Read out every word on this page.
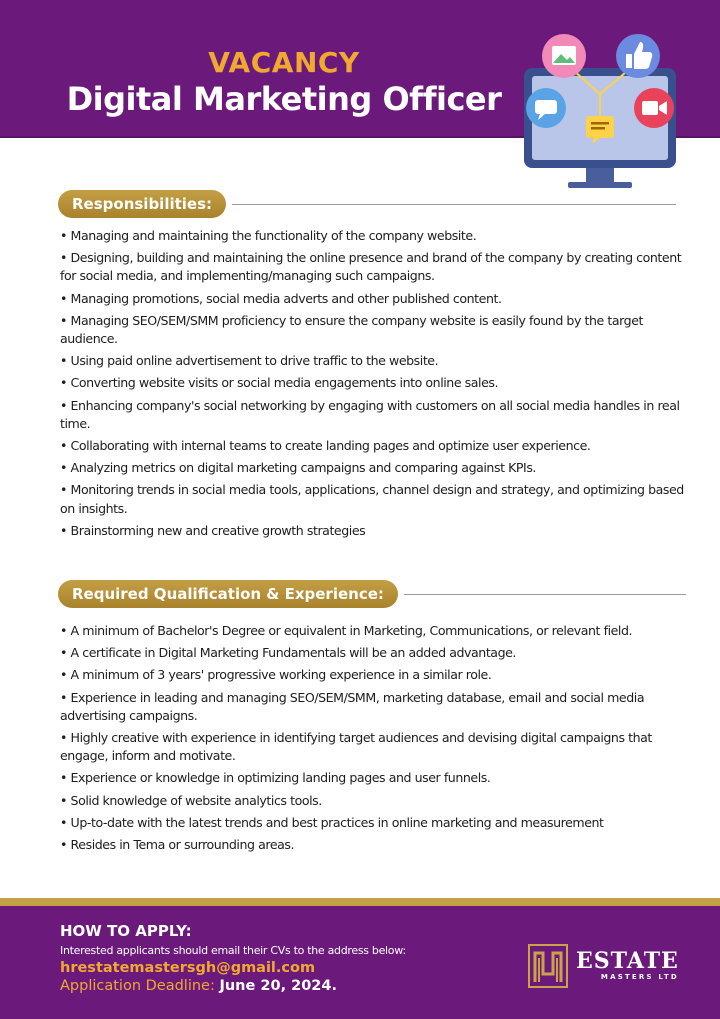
VACANCY
Digital Marketing Officer
Responsibilities:
• Managing and maintaining the functionality of the company website.
• Designing, building and maintaining the online presence and brand of the company by creating content for social media, and implementing/managing such campaigns.
• Managing promotions, social media adverts and other published content.
• Managing SEO/SEM/SMM proficiency to ensure the company website is easily found by the target audience.
• Using paid online advertisement to drive traffic to the website.
• Converting website visits or social media engagements into online sales.
• Enhancing company's social networking by engaging with customers on all social media handles in real time.
• Collaborating with internal teams to create landing pages and optimize user experience.
• Analyzing metrics on digital marketing campaigns and comparing against KPIs.
• Monitoring trends in social media tools, applications, channel design and strategy, and optimizing based on insights.
• Brainstorming new and creative growth strategies
Required Qualification & Experience:
• A minimum of Bachelor's Degree or equivalent in Marketing, Communications, or relevant field.
• A certificate in Digital Marketing Fundamentals will be an added advantage.
• A minimum of 3 years' progressive working experience in a similar role.
• Experience in leading and managing SEO/SEM/SMM, marketing database, email and social media advertising campaigns.
• Highly creative with experience in identifying target audiences and devising digital campaigns that engage, inform and motivate.
• Experience or knowledge in optimizing landing pages and user funnels.
• Solid knowledge of website analytics tools.
• Up-to-date with the latest trends and best practices in online marketing and measurement
• Resides in Tema or surrounding areas.
HOW TO APPLY:
Interested applicants should email their CVs to the address below:
hrestatemastersgh@gmail.com
Application Deadline: June 20, 2024.
ESTATE
MASTERS LTD
